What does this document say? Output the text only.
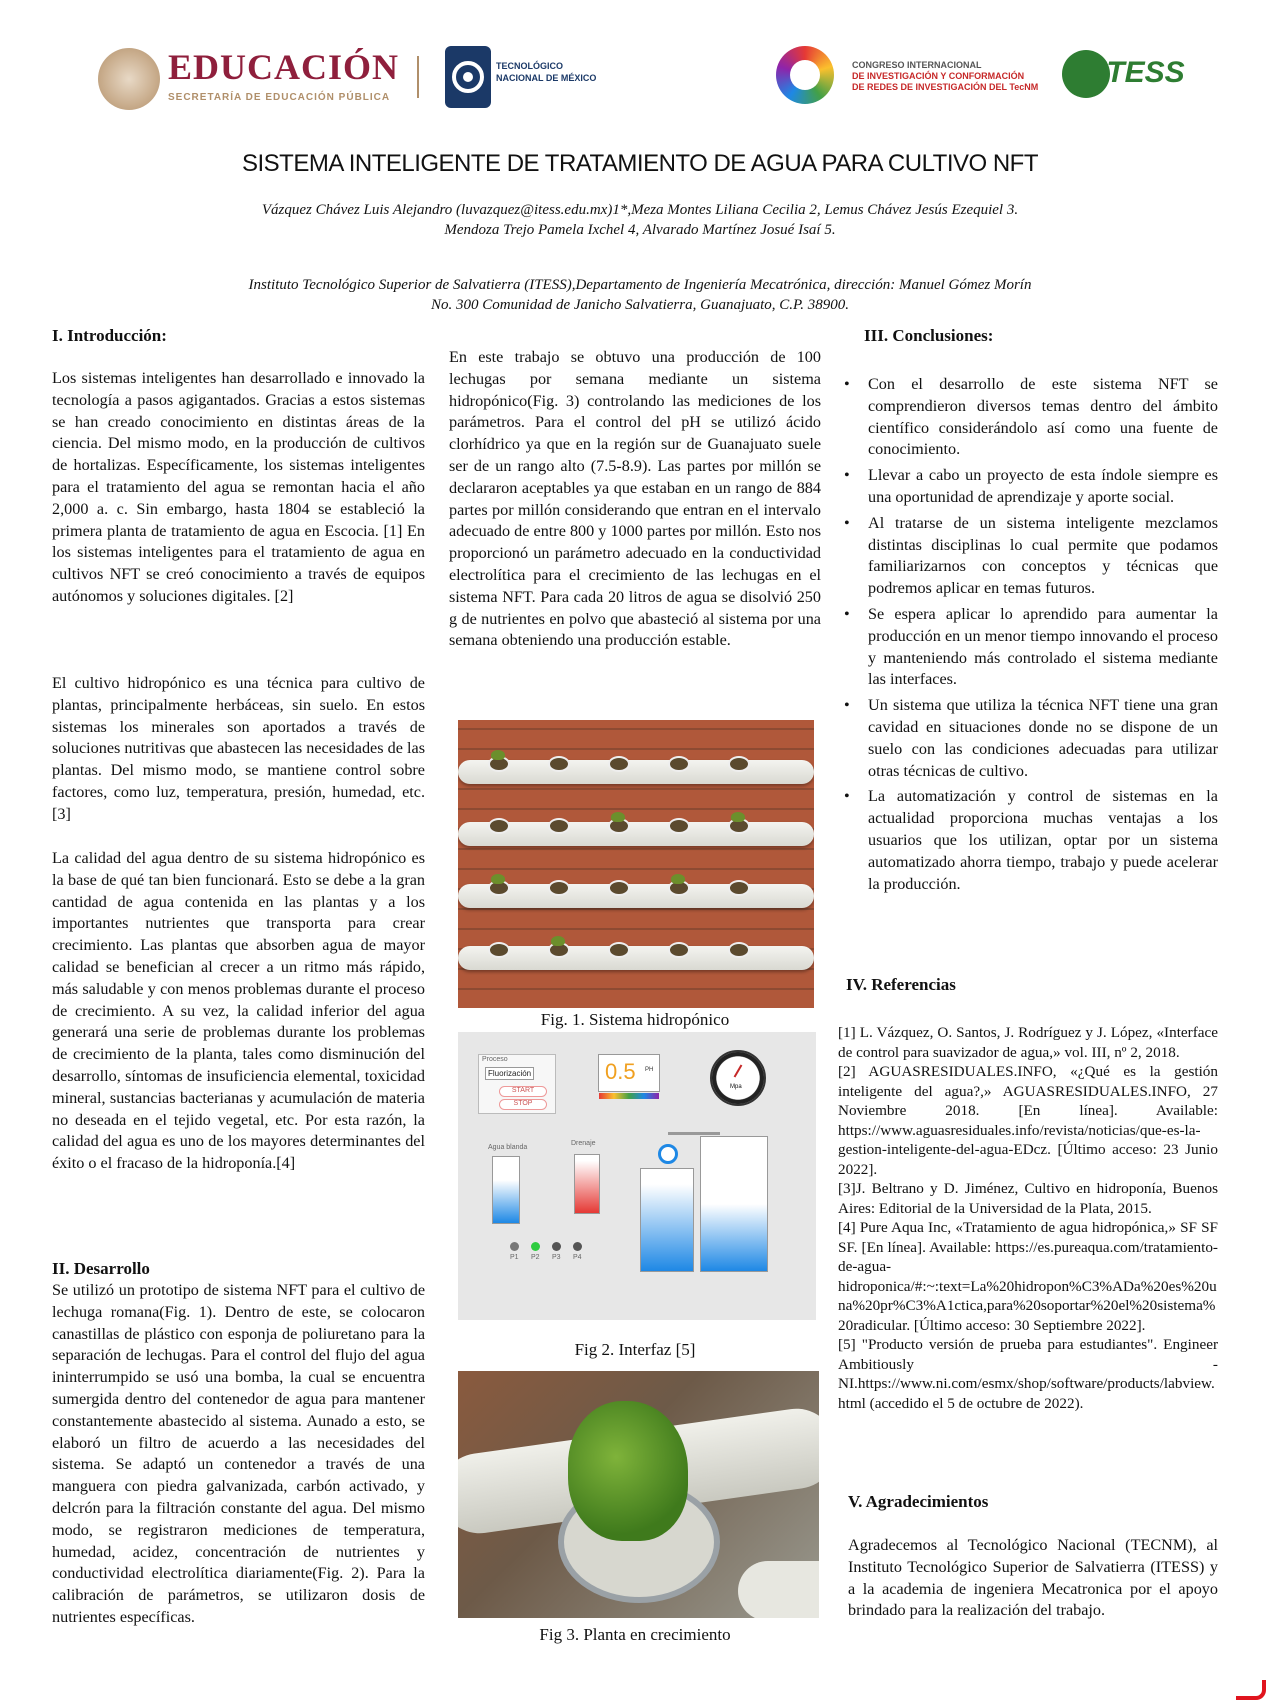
EDUCACIÓN
SECRETARÍA DE EDUCACIÓN PÚBLICA
TECNOLÓGICO
NACIONAL DE MÉXICO
CONGRESO INTERNACIONAL
DE INVESTIGACIÓN Y CONFORMACIÓN
DE REDES DE INVESTIGACIÓN DEL TecNM ITESS
SISTEMA INTELIGENTE DE TRATAMIENTO DE AGUA PARA CULTIVO NFT
Vázquez Chávez Luis Alejandro (luvazquez@itess.edu.mx)1*,Meza Montes Liliana Cecilia 2, Lemus Chávez Jesús Ezequiel 3. Mendoza Trejo Pamela Ixchel 4, Alvarado Martínez Josué Isaí 5.
Instituto Tecnológico Superior de Salvatierra (ITESS),Departamento de Ingeniería Mecatrónica, dirección: Manuel Gómez Morín No. 300 Comunidad de Janicho Salvatierra, Guanajuato, C.P. 38900.
I. Introducción:
Los sistemas inteligentes han desarrollado e innovado la tecnología a pasos agigantados. Gracias a estos sistemas se han creado conocimiento en distintas áreas de la ciencia. Del mismo modo, en la producción de cultivos de hortalizas. Específicamente, los sistemas inteligentes para el tratamiento del agua se remontan hacia el año 2,000 a. c. Sin embargo, hasta 1804 se estableció la primera planta de tratamiento de agua en Escocia. [1] En los sistemas inteligentes para el tratamiento de agua en cultivos NFT se creó conocimiento a través de equipos autónomos y soluciones digitales. [2]
El cultivo hidropónico es una técnica para cultivo de plantas, principalmente herbáceas, sin suelo. En estos sistemas los minerales son aportados a través de soluciones nutritivas que abastecen las necesidades de las plantas. Del mismo modo, se mantiene control sobre factores, como luz, temperatura, presión, humedad, etc.[3]
La calidad del agua dentro de su sistema hidropónico es la base de qué tan bien funcionará. Esto se debe a la gran cantidad de agua contenida en las plantas y a los importantes nutrientes que transporta para crear crecimiento. Las plantas que absorben agua de mayor calidad se benefician al crecer a un ritmo más rápido, más saludable y con menos problemas durante el proceso de crecimiento. A su vez, la calidad inferior del agua generará una serie de problemas durante los problemas de crecimiento de la planta, tales como disminución del desarrollo, síntomas de insuficiencia elemental, toxicidad mineral, sustancias bacterianas y acumulación de materia no deseada en el tejido vegetal, etc. Por esta razón, la calidad del agua es uno de los mayores determinantes del éxito o el fracaso de la hidroponía.[4]
II. Desarrollo
Se utilizó un prototipo de sistema NFT para el cultivo de lechuga romana(Fig. 1). Dentro de este, se colocaron canastillas de plástico con esponja de poliuretano para la separación de lechugas. Para el control del flujo del agua ininterrumpido se usó una bomba, la cual se encuentra sumergida dentro del contenedor de agua para mantener constantemente abastecido al sistema. Aunado a esto, se elaboró un filtro de acuerdo a las necesidades del sistema. Se adaptó un contenedor a través de una manguera con piedra galvanizada, carbón activado, y delcrón para la filtración constante del agua. Del mismo modo, se registraron mediciones de temperatura, humedad, acidez, concentración de nutrientes y conductividad electrolítica diariamente(Fig. 2). Para la calibración de parámetros, se utilizaron dosis de nutrientes específicas.
En este trabajo se obtuvo una producción de 100 lechugas por semana mediante un sistema hidropónico(Fig. 3) controlando las mediciones de los parámetros. Para el control del pH se utilizó ácido clorhídrico ya que en la región sur de Guanajuato suele ser de un rango alto (7.5-8.9). Las partes por millón se declararon aceptables ya que estaban en un rango de 884 partes por millón considerando que entran en el intervalo adecuado de entre 800 y 1000 partes por millón. Esto nos proporcionó un parámetro adecuado en la conductividad electrolítica para el crecimiento de las lechugas en el sistema NFT. Para cada 20 litros de agua se disolvió 250 g de nutrientes en polvo que abasteció al sistema por una semana obteniendo una producción estable.
Fig. 1. Sistema hidropónico
Proceso
Fluorización
START
STOP
0.5 PH
Mpa
Agua blanda
Drenaje
P1 P2 P3 P4
Fig 2. Interfaz [5]
Fig 3. Planta en crecimiento
III. Conclusiones:
• Con el desarrollo de este sistema NFT se comprendieron diversos temas dentro del ámbito científico considerándolo así como una fuente de conocimiento.
• Llevar a cabo un proyecto de esta índole siempre es una oportunidad de aprendizaje y aporte social.
• Al tratarse de un sistema inteligente mezclamos distintas disciplinas lo cual permite que podamos familiarizarnos con conceptos y técnicas que podremos aplicar en temas futuros.
• Se espera aplicar lo aprendido para aumentar la producción en un menor tiempo innovando el proceso y manteniendo más controlado el sistema mediante las interfaces.
• Un sistema que utiliza la técnica NFT tiene una gran cavidad en situaciones donde no se dispone de un suelo con las condiciones adecuadas para utilizar otras técnicas de cultivo.
• La automatización y control de sistemas en la actualidad proporciona muchas ventajas a los usuarios que los utilizan, optar por un sistema automatizado ahorra tiempo, trabajo y puede acelerar la producción.
IV. Referencias
[1] L. Vázquez, O. Santos, J. Rodríguez y J. López, «Interface de control para suavizador de agua,» vol. III, nº 2, 2018.
[2] AGUASRESIDUALES.INFO, «¿Qué es la gestión inteligente del agua?,» AGUASRESIDUALES.INFO, 27 Noviembre 2018. [En línea]. Available: https://www.aguasresiduales.info/revista/noticias/que-es-la-gestion-inteligente-del-agua-EDcz. [Último acceso: 23 Junio 2022].
[3]J. Beltrano y D. Jiménez, Cultivo en hidroponía, Buenos Aires: Editorial de la Universidad de la Plata, 2015.
[4] Pure Aqua Inc, «Tratamiento de agua hidropónica,» SF SF SF. [En línea]. Available: https://es.pureaqua.com/tratamiento-de-agua-hidroponica/#:~:text=La%20hidropon%C3%ADa%20es%20una%20pr%C3%A1ctica,para%20soportar%20el%20sistema%20radicular. [Último acceso: 30 Septiembre 2022].
[5] "Producto versión de prueba para estudiantes". Engineer Ambitiously - NI.https://www.ni.com/esmx/shop/software/products/labview.html (accedido el 5 de octubre de 2022).
V. Agradecimientos
Agradecemos al Tecnológico Nacional (TECNM), al Instituto Tecnológico Superior de Salvatierra (ITESS) y a la academia de ingeniera Mecatronica por el apoyo brindado para la realización del trabajo.
